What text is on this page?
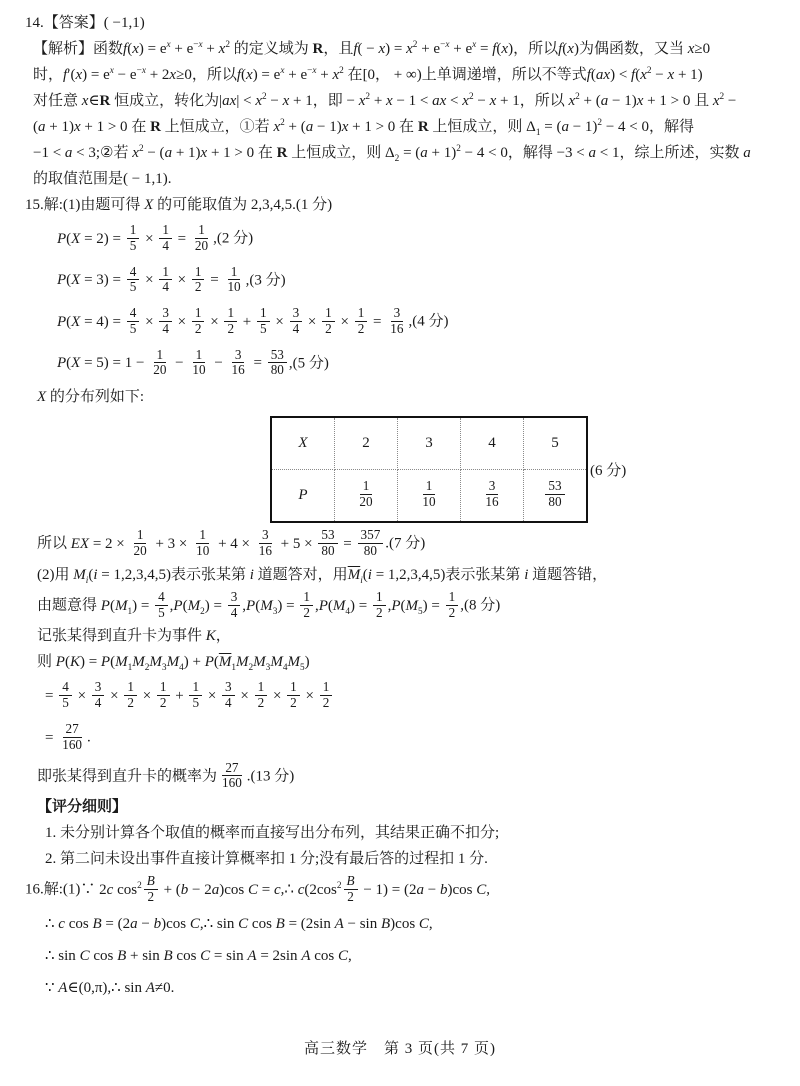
14.【答案】( −1,1)
【解析】函数$f(x) = e^x + e^{-x} + x^2$ 的定义域为 R，且$f( - x) = x^2 + e^{-x} + e^x = f(x)$，所以f(x)为偶函数，又当 x≥0
时，$f'(x) = e^x - e^{-x} + 2x\ge 0$，所以$f(x) = e^x + e^{-x} + x^2$ 在[0， + ∞)上单调递增，所以不等式$f(ax) < f(x^2 - x + 1)$
对任意 x∈R 恒成立，转化为$|ax| < x^2 - x + 1$，即 − $x^2 + x - 1$ < ax < $x^2 - x + 1$，所以 $x^2 + (a - 1)x + 1 > 0$ 且 $x^2$ −
(a + 1)x + 1 > 0 在 R 上恒成立，①若 $x^2 + (a - 1)x + 1 > 0$ 在 R 上恒成立，则 $\Delta_1 = (a - 1)^2 - 4 < 0$，解得
−1 < a < 3;②若 $x^2 - (a + 1)x + 1 > 0$ 在 R 上恒成立，则 $\Delta_2 = (a + 1)^2 - 4 < 0$，解得 −3 < a < 1，综上所述，实数 a
的取值范围是( − 1,1).
15.解:(1)由题可得 X 的可能取值为 2,3,4,5.(1 分)
$P(X = 2) = \frac{1}{5} \times \frac{1}{4} = \frac{1}{20} ,(2$ 分)
$P(X = 3) = \frac{4}{5} \times \frac{1}{4} \times \frac{1}{2} = \frac{1}{10} ,(3$ 分)
$P(X = 4) = \frac{4}{5} \times \frac{3}{4} \times \frac{1}{2} \times \frac{1}{2} + \frac{1}{5} \times \frac{3}{4} \times \frac{1}{2} \times \frac{1}{2} = \frac{3}{16} ,(4$ 分)
$P(X = 5) = 1 - \frac{1}{20} - \frac{1}{10} - \frac{3}{16} = \frac{53}{80} ,(5$ 分)
X 的分布列如下:
X	2	3	4	5
P	$\frac{1}{20}$	$\frac{1}{10}$	$\frac{3}{16}$	$\frac{53}{80}$
(6 分)
所以 EX = $2 \times \frac{1}{20} + 3 \times \frac{1}{10} + 4 \times \frac{3}{16} + 5 \times \frac{53}{80} = \frac{357}{80} .(7$ 分)
(2)用 $M_i(i = 1,2,3,4,5)$表示张某第 i 道题答对，用$\overline{M}_i(i = 1,2,3,4,5)$表示张某第 i 道题答错，
由题意得 $P(M_1) = \frac{4}{5} ,P(M_2) = \frac{3}{4} ,P(M_3) = \frac{1}{2} ,P(M_4) = \frac{1}{2} ,P(M_5) = \frac{1}{2} ,(8$ 分)
记张某得到直升卡为事件 K，
则 $P(K) = P(M_1M_2M_3M_4) + P(\overline{M}_1M_2M_3M_4M_5)$
= $\frac{4}{5} \times \frac{3}{4} \times \frac{1}{2} \times \frac{1}{2} + \frac{1}{5} \times \frac{3}{4} \times \frac{1}{2} \times \frac{1}{2} \times \frac{1}{2}$
= $\frac{27}{160}$ .
即张某得到直升卡的概率为 $\frac{27}{160} .(13$ 分)
【评分细则】
1. 未分别计算各个取值的概率而直接写出分布列，其结果正确不扣分;
2. 第二问未设出事件直接计算概率扣 1 分;没有最后答的过程扣 1 分.
16.解:(1)∵ 2c $\cos^2 \frac{B}{2} + (b - 2a)\cos$ C = c,∴ $c(2\cos^2 \frac{B}{2} - 1) = (2a - b)\cos$ C,
∴ c cos B = (2a − b)cos C,∴ sin C cos B = (2sin A − sin B)cos C,
∴ sin C cos B + sin B cos C = sin A = 2sin A cos C,
∵ A∈(0,π),∴ sin A≠0.
高三数学　第 3 页(共 7 页)
